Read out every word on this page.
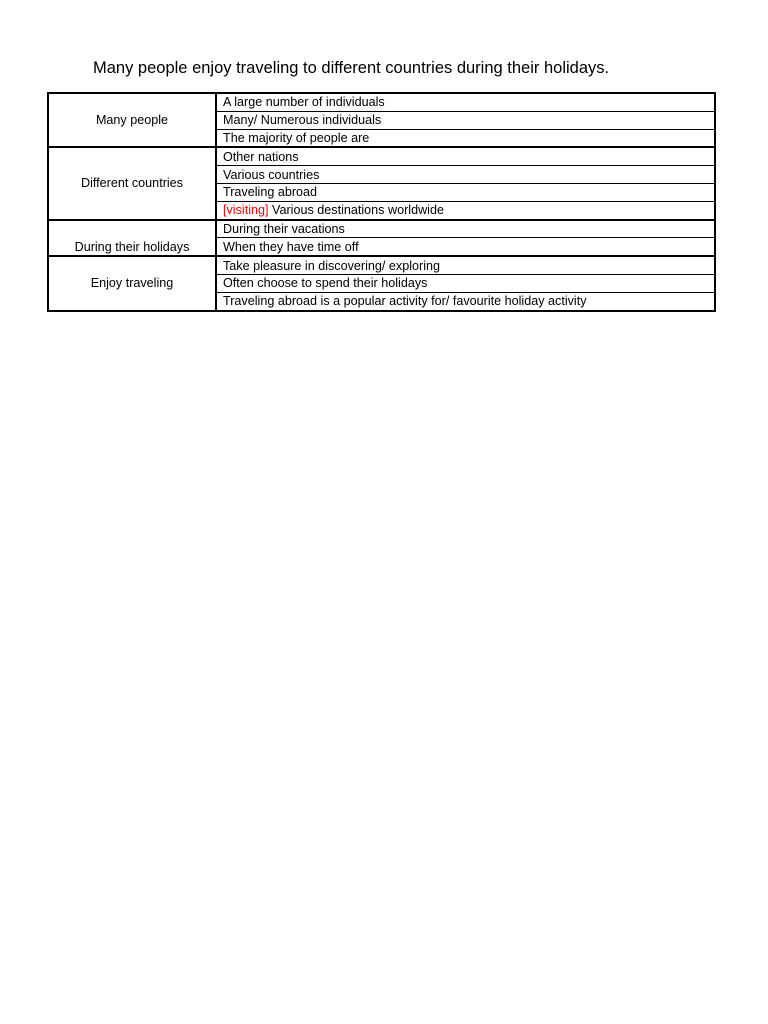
Many people enjoy traveling to different countries during their holidays.
Many people	A large number of individuals
	Many/ Numerous individuals
	The majority of people are
Different countries	Other nations
	Various countries
	Traveling abroad
	[visiting] Various destinations worldwide
During their holidays	During their vacations
	When they have time off
Enjoy traveling	Take pleasure in discovering/ exploring
	Often choose to spend their holidays
	Traveling abroad is a popular activity for/ favourite holiday activity
